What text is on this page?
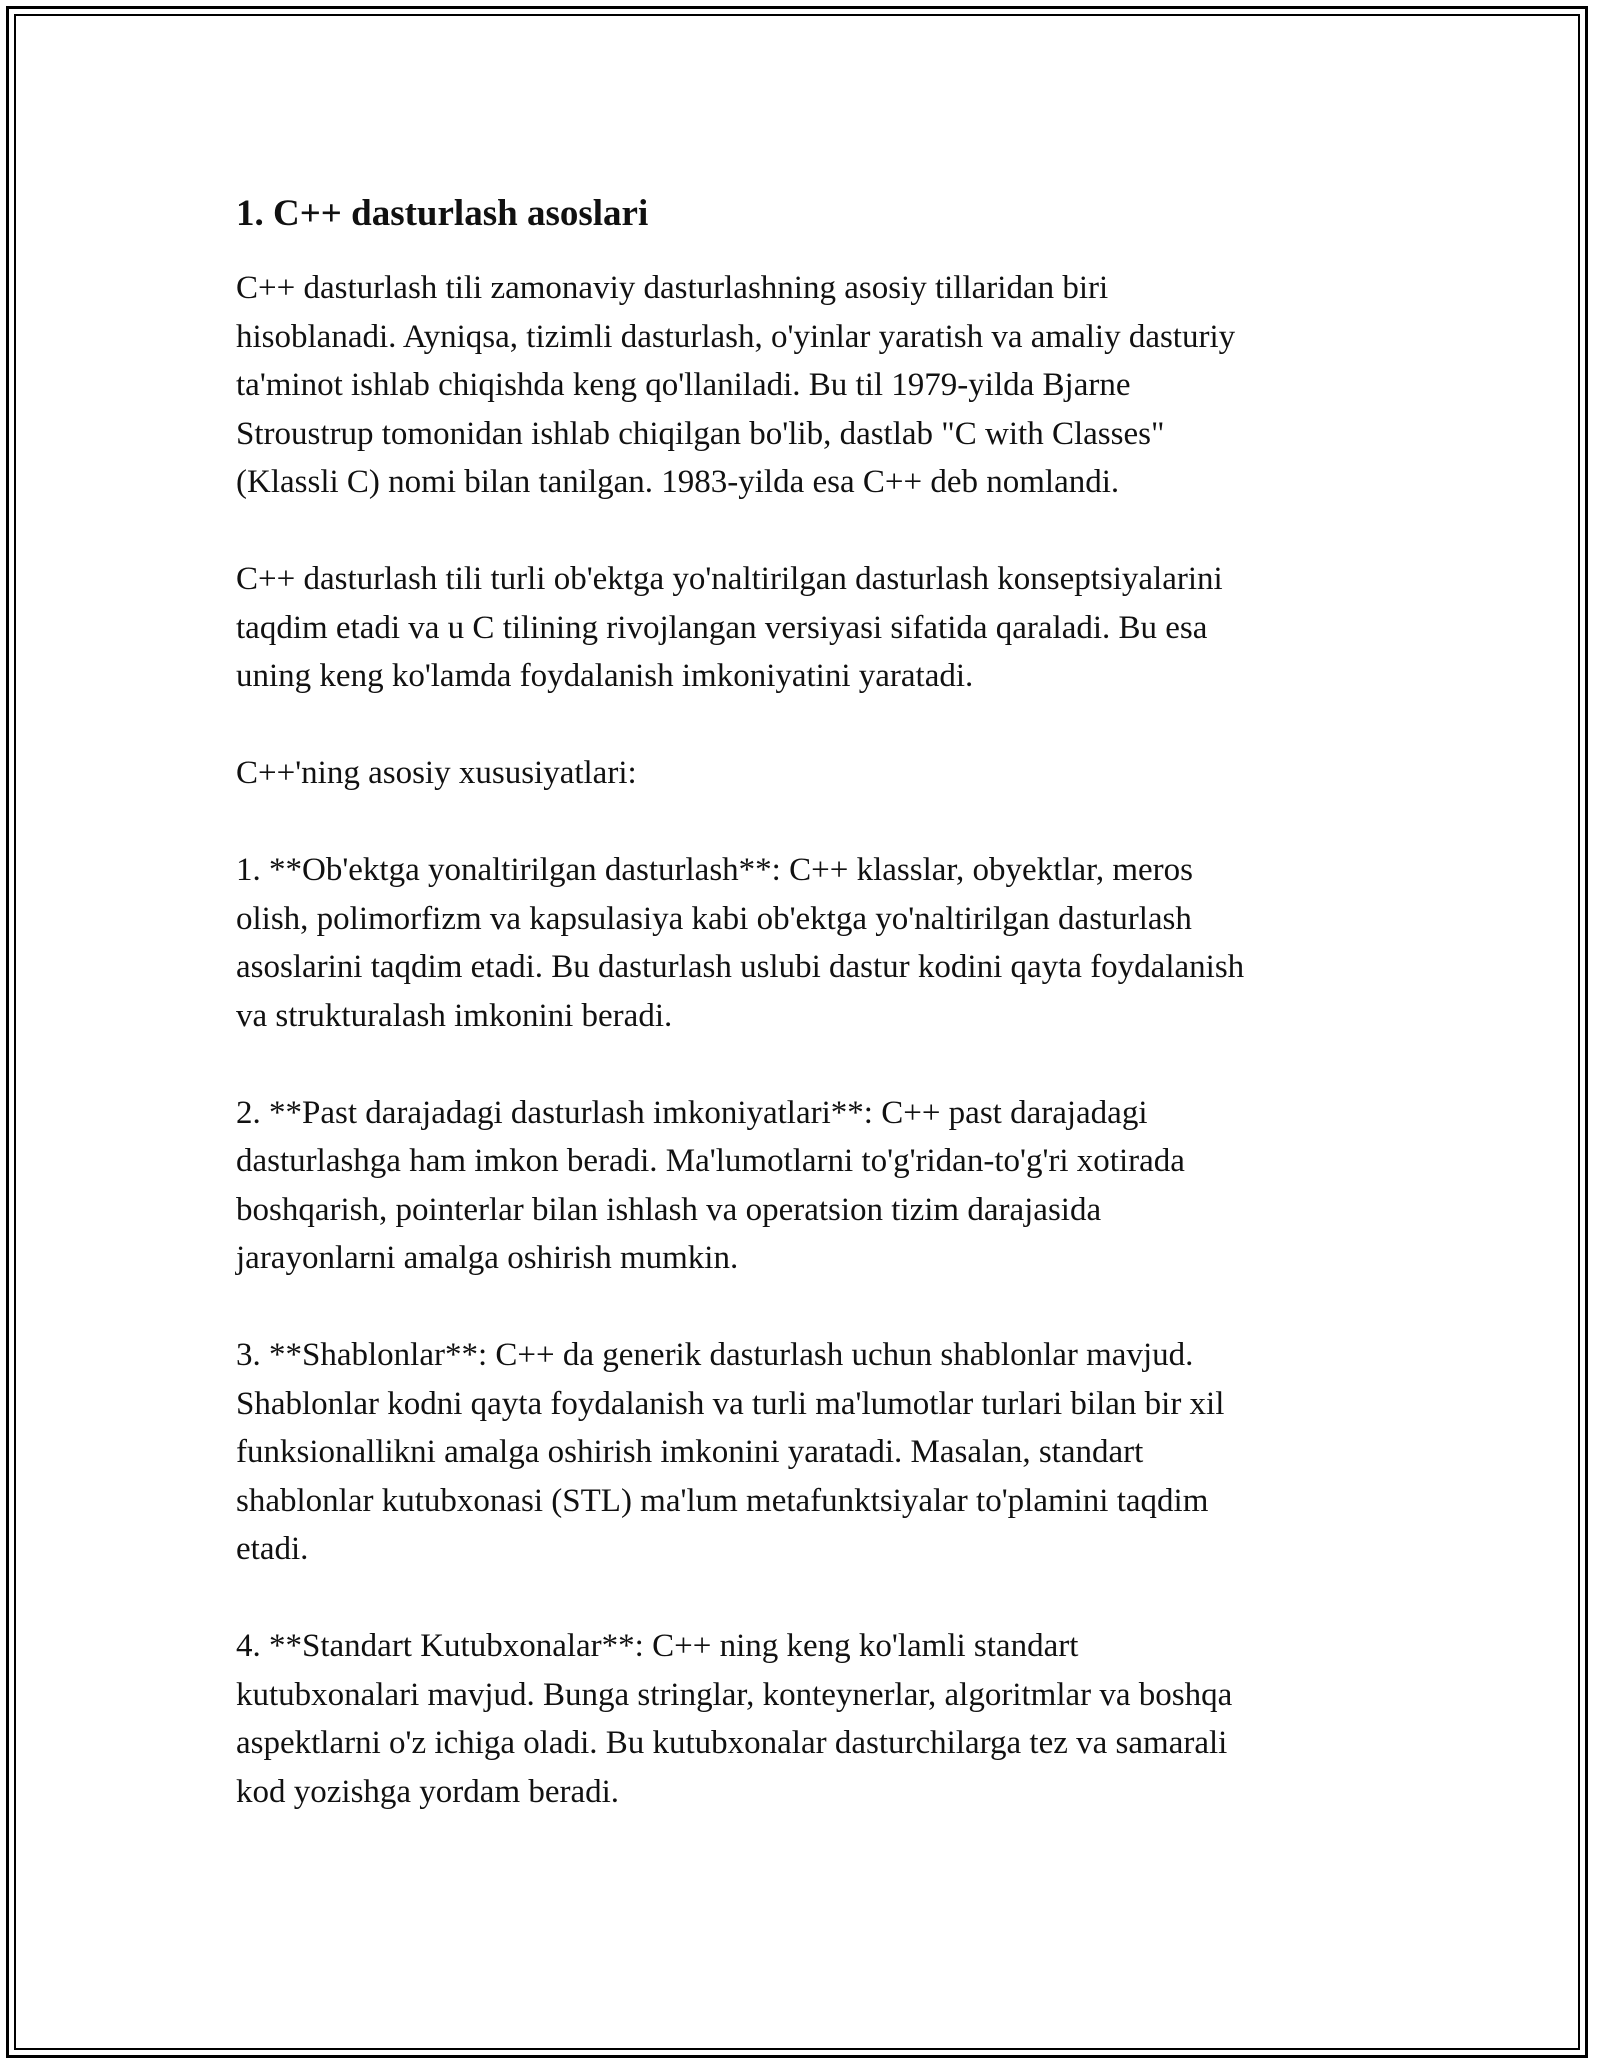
1. C++ dasturlash asoslari

C++ dasturlash tili zamonaviy dasturlashning asosiy tillaridan biri
hisoblanadi. Ayniqsa, tizimli dasturlash, o'yinlar yaratish va amaliy dasturiy
ta'minot ishlab chiqishda keng qo'llaniladi. Bu til 1979-yilda Bjarne
Stroustrup tomonidan ishlab chiqilgan bo'lib, dastlab "C with Classes"
(Klassli C) nomi bilan tanilgan. 1983-yilda esa C++ deb nomlandi.

C++ dasturlash tili turli ob'ektga yo'naltirilgan dasturlash konseptsiyalarini
taqdim etadi va u C tilining rivojlangan versiyasi sifatida qaraladi. Bu esa
uning keng ko'lamda foydalanish imkoniyatini yaratadi.

C++'ning asosiy xususiyatlari:

1. **Ob'ektga yonaltirilgan dasturlash**: C++ klasslar, obyektlar, meros
olish, polimorfizm va kapsulasiya kabi ob'ektga yo'naltirilgan dasturlash
asoslarini taqdim etadi. Bu dasturlash uslubi dastur kodini qayta foydalanish
va strukturalash imkonini beradi.

2. **Past darajadagi dasturlash imkoniyatlari**: C++ past darajadagi
dasturlashga ham imkon beradi. Ma'lumotlarni to'g'ridan-to'g'ri xotirada
boshqarish, pointerlar bilan ishlash va operatsion tizim darajasida
jarayonlarni amalga oshirish mumkin.

3. **Shablonlar**: C++ da generik dasturlash uchun shablonlar mavjud.
Shablonlar kodni qayta foydalanish va turli ma'lumotlar turlari bilan bir xil
funksionallikni amalga oshirish imkonini yaratadi. Masalan, standart
shablonlar kutubxonasi (STL) ma'lum metafunktsiyalar to'plamini taqdim
etadi.

4. **Standart Kutubxonalar**: C++ ning keng ko'lamli standart
kutubxonalari mavjud. Bunga stringlar, konteynerlar, algoritmlar va boshqa
aspektlarni o'z ichiga oladi. Bu kutubxonalar dasturchilarga tez va samarali
kod yozishga yordam beradi.
